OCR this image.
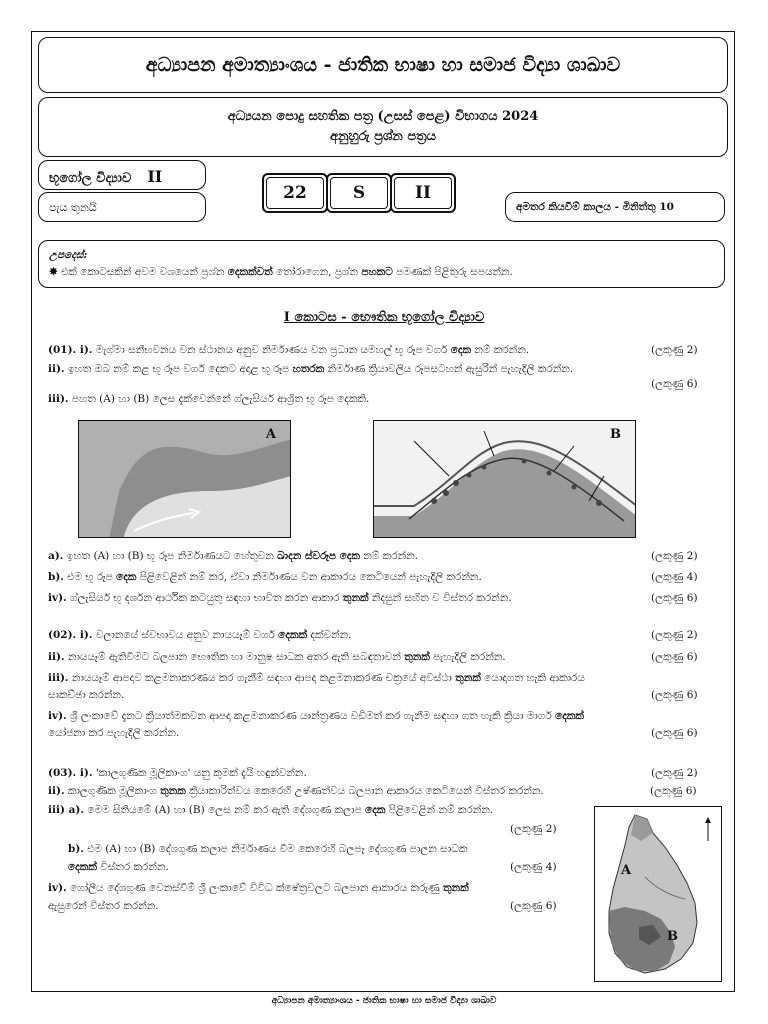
අධ්‍යාපන අමාත්‍යාංශය - ජාතික භාෂා හා සමාජ විද්‍යා ශාඛාව
අධ්‍යයන පොදු සහතික පත්‍ර (උසස් පෙළ) විභාගය 2024
අනුහුරු ප්‍රශ්න පත්‍රය
භූගෝල විද්‍යාව II
පැය තුනයි
22	S	II
අමතර කියවීම් කාලය - මිනිත්තු 10
උපදෙස්:
✸ එක් කොටසකින් අවම වශයෙන් ප්‍රශ්න දෙකක්වත් තෝරාගෙන, ප්‍රශ්න පහකට පමණක් පිළිතුරු සපයන්න.
I කොටස - භෞතික භූගෝල විද්‍යාව
(01). i). මැග්මා සනීභවනය වන ස්ථානය අනුව නිර්මාණය වන ප්‍රධාන යමහල් භූ රූප වර්ග දෙක නම් කරන්න.	(ලකුණු 2)
ii). ඉහත ඔබ නම් කළ භූ රූප වර්ග දෙකට අදාළ භූ රූප හතරක නිර්මාණ ක්‍රියාවලිය රූපසටහන් ඇසුරින් පැහැදිලි කරන්න.
(ලකුණු 6)
iii). පහත (A) හා (B) ලෙස දැක්වෙන්නේ ග්ලැසියර් ආශ්‍රිත භූ රූප දෙකකි.
A	B
a). ඉහත (A) හා (B) භූ රූප නිර්මාණයට හේතුවන ඛාදන ස්වරූප දෙක නම් කරන්න.	(ලකුණු 2)
b). එම භූ රූප දෙක පිළිවෙළින් නම් කර, ඒවා නිර්මාණය වන ආකාරය කෙටියෙන් පැහැදිලි කරන්න.	(ලකුණු 4)
iv). ග්ලැසියර් භූ දර්ශන ආර්ථික කටයුතු සඳහා භාවිත කරන ආකාර තුනක් නිදසුන් සහිත ව විස්තර කරන්න.	(ලකුණු 6)
(02). i). වලානයේ ස්වභාවය අනුව නායයෑම් වර්ග දෙකක් දක්වන්න.	(ලකුණු 2)
ii). නායයෑම් ඇතිවීමට බලපාන භෞතික හා මානුෂ සාධක අතර ඇති සබඳතාවන් තුනක් පැහැදිලි කරන්න.	(ලකුණු 6)
iii). නායයෑම් ආපදාව කළමනාකරණය කර ගැනීම් සඳහා ආපදා කළමනාකරණ චක්‍රයේ අවස්ථා තුනක් යොදාගත හැකි ආකාරය
සාකච්ඡා කරන්න.	(ලකුණු 6)
iv). ශ්‍රී ලංකාවේ දැනට ක්‍රියාත්මකවන ආපදා කළමනාකරණ යාන්ත්‍රණය වඩිමත් කර ගැනීම සඳහා ගත හැකි ක්‍රියා මාර්ග දෙකක්
යෝජනා කර පැහැදිලි කරන්න.	(ලකුණු 6)
(03). i). 'කාලගුණික මූලිකාංග' යනු කුමක් දැයි හඳුන්වන්න.	(ලකුණු 2)
ii). කාලගුණික මූලිකාංග තුනක ක්‍රියාකාරිත්වය කෙරෙහි උෂ්ණත්වය බලපාන ආකාරය කෙටියෙන් විස්තර කරන්න.	(ලකුණු 6)
iii) a). මෙම සිතියමේ (A) හා (B) ලෙස නම් කර ඇති දේශගුණ කලාප දෙක පිළිවෙළින් නම් කරන්න.
(ලකුණු 2)
b). එම (A) හා (B) දේශගුණ කලාප නිර්මාණය වීම කෙරෙහි බලපෑ දේශගුණ පාලන සාධක
දෙකක් විස්තර කරන්න.	(ලකුණු 4)
iv). ගෝලීය දේශගුණ වෙනස්වීම් ශ්‍රී ලංකාවේ විවිධ ක්ෂේත්‍රවලට බලපාන ආකාරය කරුණු තුනක්
ඇසුරෙන් විස්තර කරන්න.	(ලකුණු 6)
A
B
අධ්‍යාපන අමාත්‍යාංශය - ජාතික භාෂා හා සමාජ විද්‍යා ශාඛාව
